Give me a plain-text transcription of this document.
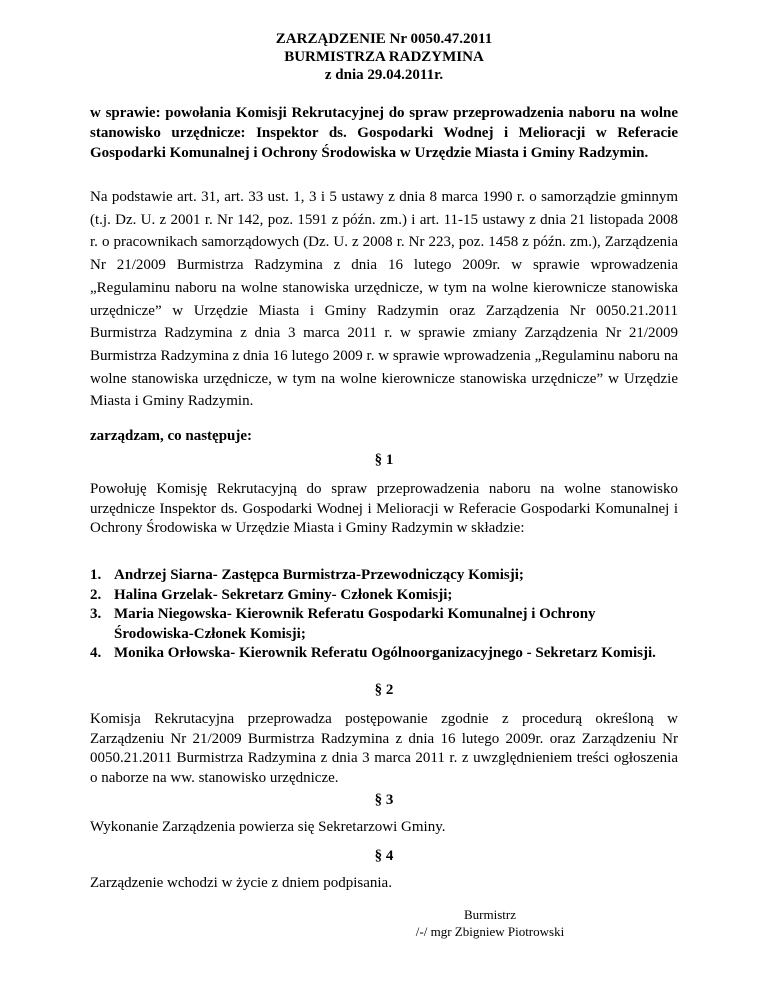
ZARZĄDZENIE Nr 0050.47.2011
BURMISTRZA RADZYMINA
z dnia 29.04.2011r.
w sprawie: powołania Komisji Rekrutacyjnej do spraw przeprowadzenia naboru na wolne stanowisko urzędnicze: Inspektor ds. Gospodarki Wodnej i Melioracji w Referacie Gospodarki Komunalnej i Ochrony Środowiska w Urzędzie Miasta i Gminy Radzymin.
Na podstawie art. 31, art. 33 ust. 1, 3 i 5 ustawy z dnia 8 marca 1990 r. o samorządzie gminnym (t.j. Dz. U. z 2001 r. Nr 142, poz. 1591 z późn. zm.) i art. 11-15 ustawy z dnia 21 listopada 2008 r. o pracownikach samorządowych (Dz. U. z 2008 r. Nr 223, poz. 1458 z późn. zm.), Zarządzenia Nr 21/2009 Burmistrza Radzymina z dnia 16 lutego 2009r. w sprawie wprowadzenia „Regulaminu naboru na wolne stanowiska urzędnicze, w tym na wolne kierownicze stanowiska urzędnicze” w Urzędzie Miasta i Gminy Radzymin oraz Zarządzenia Nr 0050.21.2011 Burmistrza Radzymina z dnia 3 marca 2011 r. w sprawie zmiany Zarządzenia Nr 21/2009 Burmistrza Radzymina z dnia 16 lutego 2009 r. w sprawie wprowadzenia „Regulaminu naboru na wolne stanowiska urzędnicze, w tym na wolne kierownicze stanowiska urzędnicze” w Urzędzie Miasta i Gminy Radzymin.
zarządzam, co następuje:
§ 1
Powołuję Komisję Rekrutacyjną do spraw przeprowadzenia naboru na wolne stanowisko urzędnicze Inspektor ds. Gospodarki Wodnej i Melioracji w Referacie Gospodarki Komunalnej i Ochrony Środowiska w Urzędzie Miasta i Gminy Radzymin w składzie:
1. Andrzej Siarna- Zastępca Burmistrza-Przewodniczący Komisji;
2. Halina Grzelak- Sekretarz Gminy- Członek Komisji;
3. Maria Niegowska- Kierownik Referatu Gospodarki Komunalnej i Ochrony Środowiska-Członek Komisji;
4. Monika Orłowska- Kierownik Referatu Ogólnoorganizacyjnego - Sekretarz Komisji.
§ 2
Komisja Rekrutacyjna przeprowadza postępowanie zgodnie z procedurą określoną w Zarządzeniu Nr 21/2009 Burmistrza Radzymina z dnia 16 lutego 2009r. oraz Zarządzeniu Nr 0050.21.2011 Burmistrza Radzymina z dnia 3 marca 2011 r. z uwzględnieniem treści ogłoszenia o naborze na ww. stanowisko urzędnicze.
§ 3
Wykonanie Zarządzenia powierza się Sekretarzowi Gminy.
§ 4
Zarządzenie wchodzi w życie z dniem podpisania.
Burmistrz
/-/ mgr Zbigniew Piotrowski
